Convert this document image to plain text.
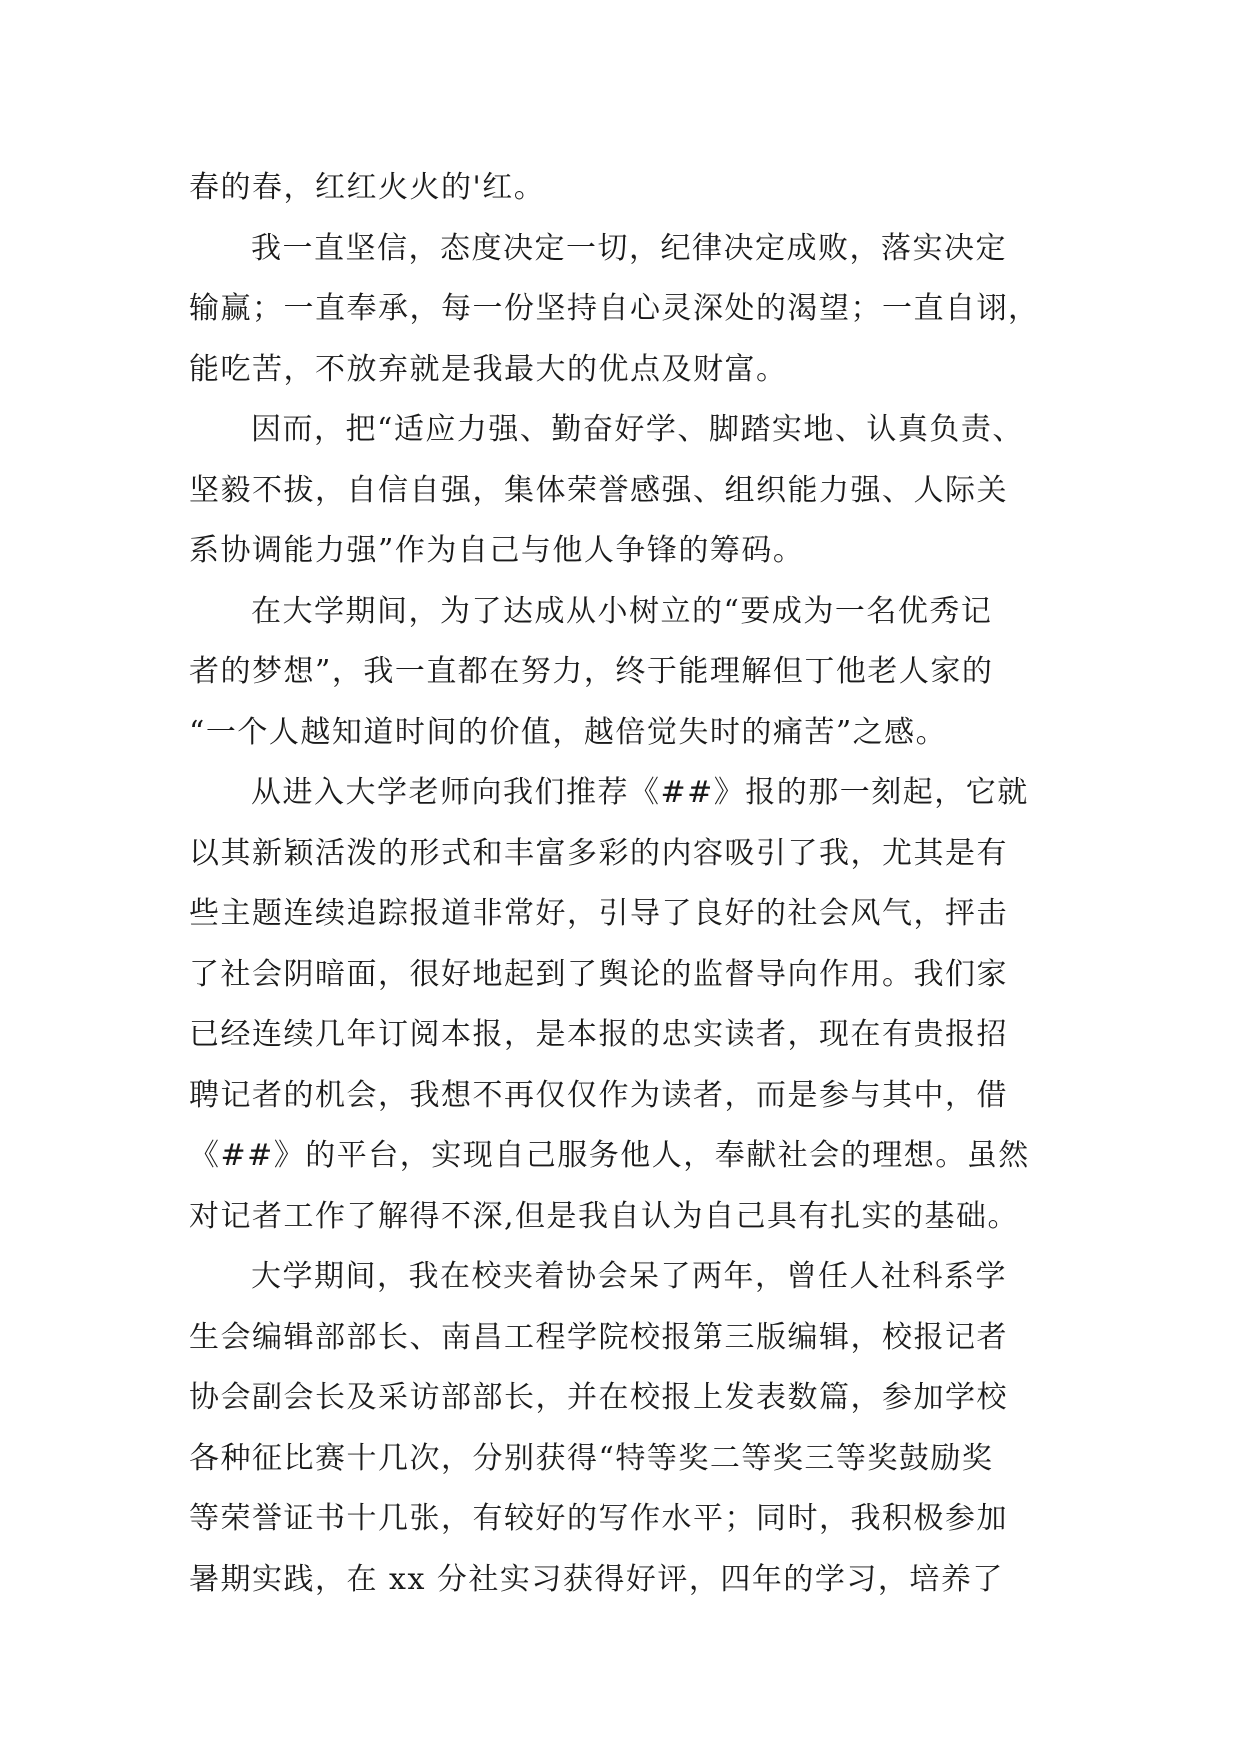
春的春，红红火火的'红。
我一直坚信，态度决定一切，纪律决定成败，落实决定
输赢；一直奉承，每一份坚持自心灵深处的渴望；一直自诩，
能吃苦，不放弃就是我最大的优点及财富。
因而，把“适应力强、勤奋好学、脚踏实地、认真负责、
坚毅不拔，自信自强，集体荣誉感强、组织能力强、人际关
系协调能力强”作为自己与他人争锋的筹码。
在大学期间，为了达成从小树立的“要成为一名优秀记
者的梦想”，我一直都在努力，终于能理解但丁他老人家的
“一个人越知道时间的价值，越倍觉失时的痛苦”之感。
从进入大学老师向我们推荐《##》报的那一刻起，它就
以其新颖活泼的形式和丰富多彩的内容吸引了我，尤其是有
些主题连续追踪报道非常好，引导了良好的社会风气，抨击
了社会阴暗面，很好地起到了舆论的监督导向作用。我们家
已经连续几年订阅本报，是本报的忠实读者，现在有贵报招
聘记者的机会，我想不再仅仅作为读者，而是参与其中，借
《##》的平台，实现自己服务他人，奉献社会的理想。虽然
对记者工作了解得不深,但是我自认为自己具有扎实的基础。
大学期间，我在校夹着协会呆了两年，曾任人社科系学
生会编辑部部长、南昌工程学院校报第三版编辑，校报记者
协会副会长及采访部部长，并在校报上发表数篇，参加学校
各种征比赛十几次，分别获得“特等奖二等奖三等奖鼓励奖
等荣誉证书十几张，有较好的写作水平；同时，我积极参加
暑期实践，在 xx 分社实习获得好评，四年的学习，培养了
